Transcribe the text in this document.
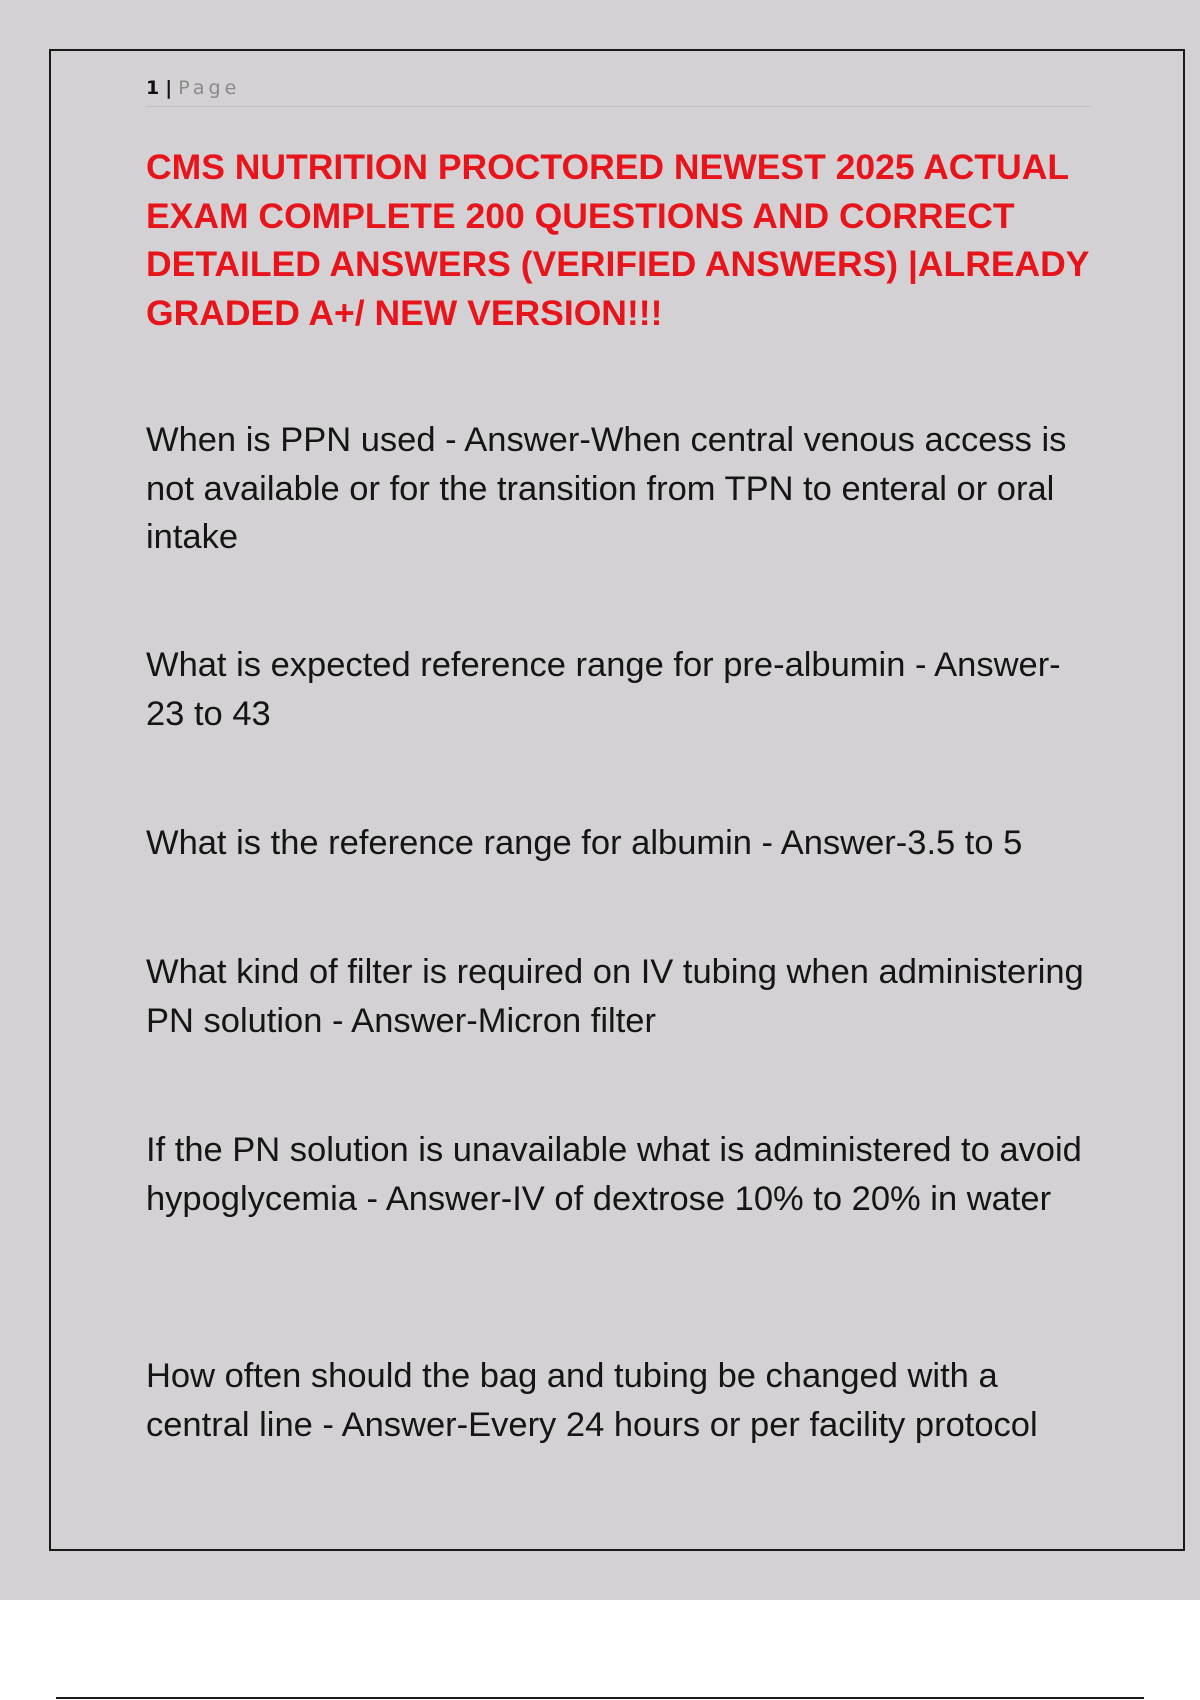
1 | Page
CMS NUTRITION PROCTORED NEWEST 2025 ACTUAL EXAM COMPLETE 200 QUESTIONS AND CORRECT DETAILED ANSWERS (VERIFIED ANSWERS) |ALREADY GRADED A+/ NEW VERSION!!!

When is PPN used - Answer-When central venous access is not available or for the transition from TPN to enteral or oral intake

What is expected reference range for pre-albumin - Answer-23 to 43

What is the reference range for albumin - Answer-3.5 to 5

What kind of filter is required on IV tubing when administering PN solution - Answer-Micron filter

If the PN solution is unavailable what is administered to avoid hypoglycemia - Answer-IV of dextrose 10% to 20% in water

How often should the bag and tubing be changed with a central line - Answer-Every 24 hours or per facility protocol
